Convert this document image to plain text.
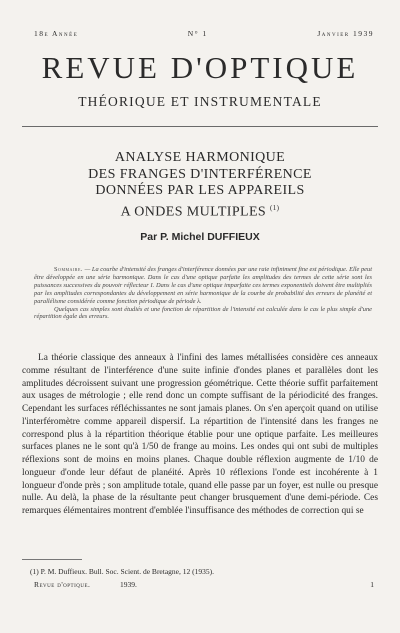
18e Année	N° 1	Janvier 1939
REVUE D'OPTIQUE
THÉORIQUE ET INSTRUMENTALE
ANALYSE HARMONIQUE
DES FRANGES D'INTERFÉRENCE
DONNÉES PAR LES APPAREILS
A ONDES MULTIPLES $^{(1)}$
Par P. Michel DUFFIEUX

Sommaire. — La courbe d'intensité des franges d'interférence données par une raie infiniment fine est périodique. Elle peut être développée en une série harmonique. Dans le cas d'une optique parfaite les amplitudes des termes de cette série sont les puissances successives du pouvoir réflecteur I. Dans le cas d'une optique imparfaite ces termes exponentiels doivent être multipliés par les amplitudes correspondantes du développement en série harmonique de la courbe de probabilité des erreurs de planéité et parallélisme considérée comme fonction périodique de période λ.

Quelques cas simples sont étudiés et une fonction de répartition de l'intensité est calculée dans le cas le plus simple d'une répartition égale des erreurs.

La théorie classique des anneaux à l'infini des lames métallisées considère ces anneaux comme résultant de l'interférence d'une suite infinie d'ondes planes et parallèles dont les amplitudes décroissent suivant une progression géométrique. Cette théorie suffit parfaitement aux usages de métrologie ; elle rend donc un compte suffisant de la périodicité des franges. Cependant les surfaces réfléchissantes ne sont jamais planes. On s'en aperçoit quand on utilise l'interféromètre comme appareil dispersif. La répartition de l'intensité dans les franges ne correspond plus à la répartition théorique établie pour une optique parfaite. Les meilleures surfaces planes ne le sont qu'à 1/50 de frange au moins. Les ondes qui ont subi de multiples réflexions sont de moins en moins planes. Chaque double réflexion augmente de 1/10 de longueur d'onde leur défaut de planéité. Après 10 réflexions l'onde est incohérente à 1 longueur d'onde près ; son amplitude totale, quand elle passe par un foyer, est nulle ou presque nulle. Au delà, la phase de la résultante peut changer brusquement d'une demi-période. Ces remarques élémentaires montrent d'emblée l'insuffisance des méthodes de correction qui se

(1) P. M. Duffieux. Bull. Soc. Scient. de Bretagne, 12 (1935).
Revue d'optique.	1939.	1
